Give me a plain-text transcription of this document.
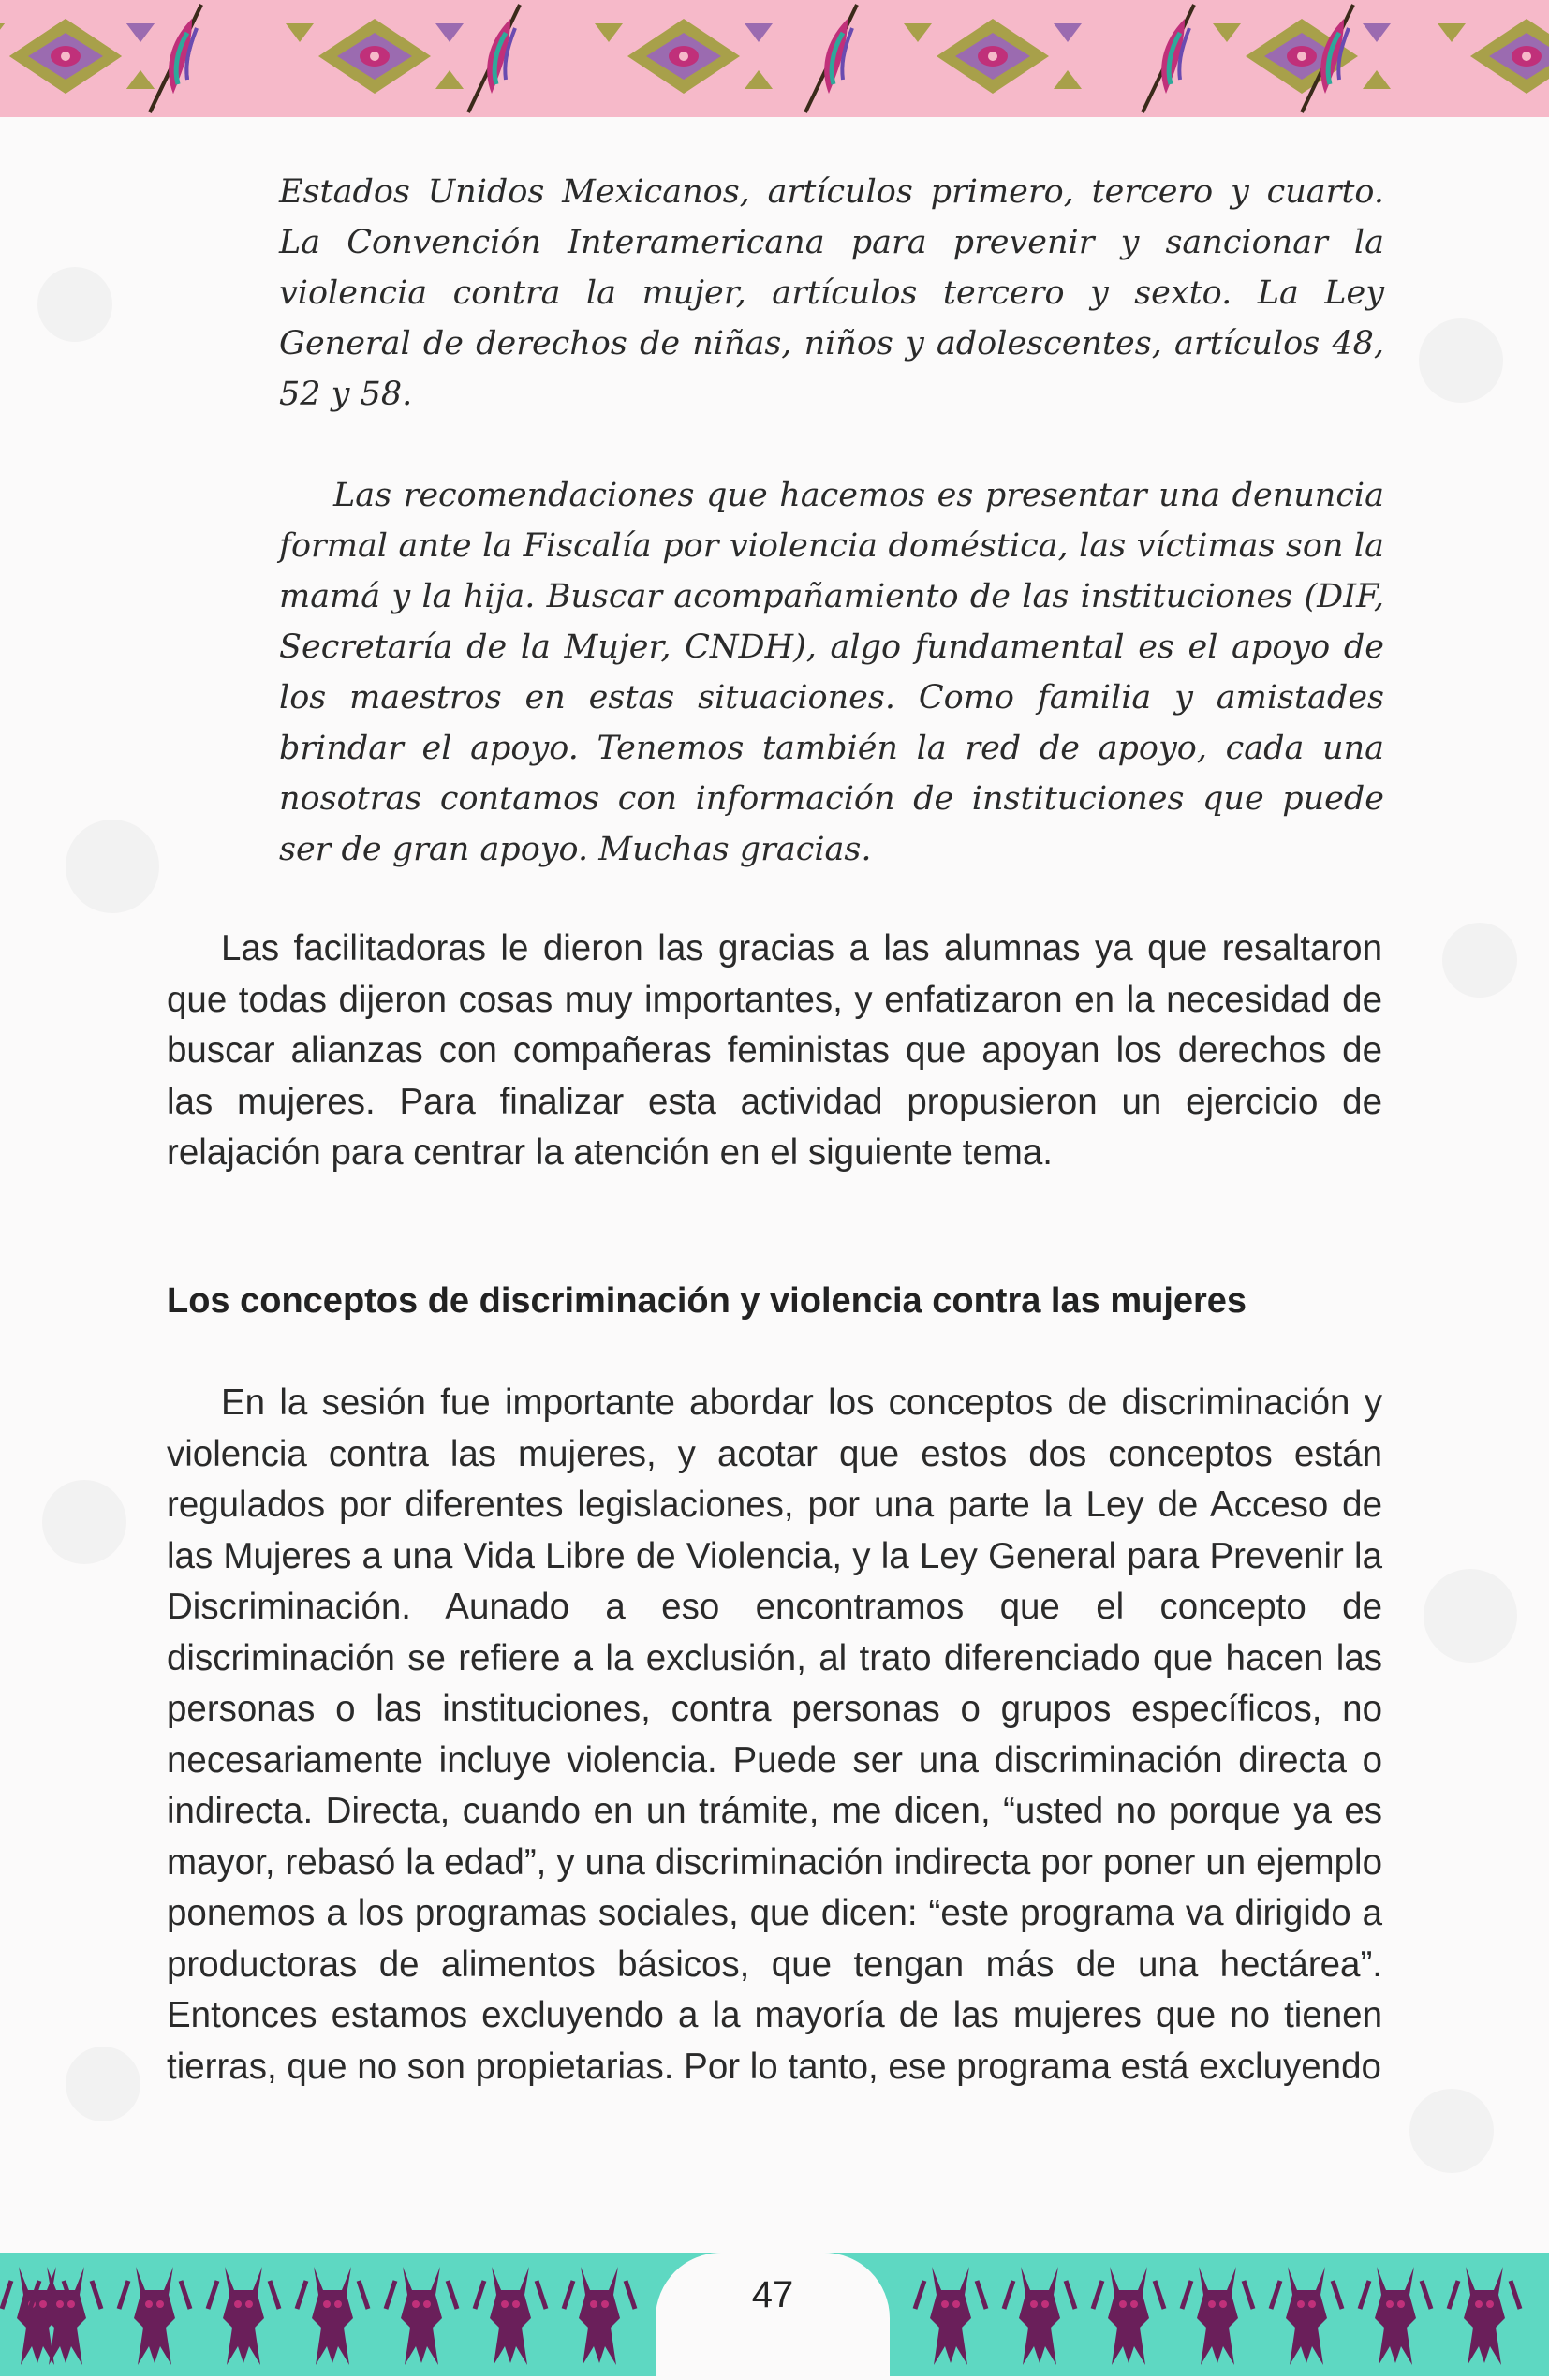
Estados Unidos Mexicanos, artículos primero, tercero y cuarto. La Convención Interamericana para prevenir y sancionar la violencia contra la mujer, artículos tercero y sexto. La Ley General de derechos de niñas, niños y adolescentes, artículos 48, 52 y 58.

Las recomendaciones que hacemos es presentar una denuncia formal ante la Fiscalía por violencia doméstica, las víctimas son la mamá y la hija. Buscar acompañamiento de las instituciones (DIF, Secretaría de la Mujer, CNDH), algo fundamental es el apoyo de los maestros en estas situaciones. Como familia y amistades brindar el apoyo. Tenemos también la red de apoyo, cada una nosotras contamos con información de instituciones que puede ser de gran apoyo. Muchas gracias.

Las facilitadoras le dieron las gracias a las alumnas ya que resaltaron que todas dijeron cosas muy importantes, y enfatizaron en la necesidad de buscar alianzas con compañeras feministas que apoyan los derechos de las mujeres. Para finalizar esta actividad propusieron un ejercicio de relajación para centrar la atención en el siguiente tema.

Los conceptos de discriminación y violencia contra las mujeres

En la sesión fue importante abordar los conceptos de discriminación y violencia contra las mujeres, y acotar que estos dos conceptos están regulados por diferentes legislaciones, por una parte la Ley de Acceso de las Mujeres a una Vida Libre de Violencia, y la Ley General para Prevenir la Discriminación. Aunado a eso encontramos que el concepto de discriminación se refiere a la exclusión, al trato diferenciado que hacen las personas o las instituciones, contra personas o grupos específicos, no necesariamente incluye violencia. Puede ser una discriminación directa o indirecta. Directa, cuando en un trámite, me dicen, “usted no porque ya es mayor, rebasó la edad”, y una discriminación indirecta por poner un ejemplo ponemos a los programas sociales, que dicen: “este programa va dirigido a productoras de alimentos básicos, que tengan más de una hectárea”. Entonces estamos excluyendo a la mayoría de las mujeres que no tienen tierras, que no son propietarias. Por lo tanto, ese programa está excluyendo

47
